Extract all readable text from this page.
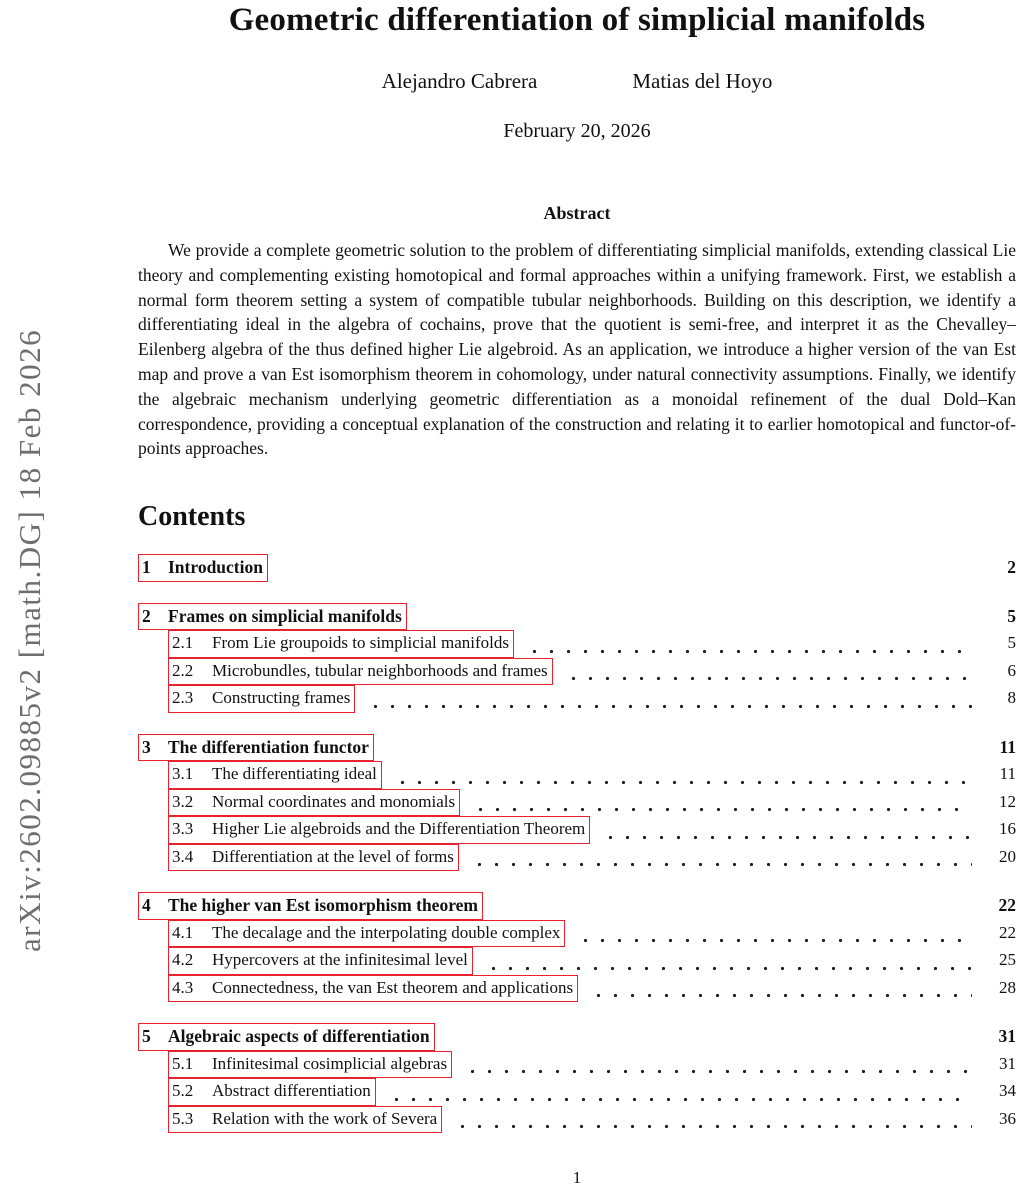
arXiv:2602.09885v2 [math.DG] 18 Feb 2026
Geometric differentiation of simplicial manifolds
Alejandro Cabrera	Matias del Hoyo
February 20, 2026
Abstract
We provide a complete geometric solution to the problem of differentiating simplicial manifolds, extending classical Lie theory and complementing existing homotopical and formal approaches within a unifying framework. First, we establish a normal form theorem setting a system of compatible tubular neighborhoods. Building on this description, we identify a differentiating ideal in the algebra of cochains, prove that the quotient is semi-free, and interpret it as the Chevalley–Eilenberg algebra of the thus defined higher Lie algebroid. As an application, we introduce a higher version of the van Est map and prove a van Est isomorphism theorem in cohomology, under natural connectivity assumptions. Finally, we identify the algebraic mechanism underlying geometric differentiation as a monoidal refinement of the dual Dold–Kan correspondence, providing a conceptual explanation of the construction and relating it to earlier homotopical and functor-of-points approaches.
Contents
1 Introduction	2
2 Frames on simplicial manifolds	5
2.1	From Lie groupoids to simplicial manifolds	5
2.2	Microbundles, tubular neighborhoods and frames	6
2.3	Constructing frames	8
3 The differentiation functor	11
3.1	The differentiating ideal	11
3.2	Normal coordinates and monomials	12
3.3	Higher Lie algebroids and the Differentiation Theorem	16
3.4	Differentiation at the level of forms	20
4 The higher van Est isomorphism theorem	22
4.1	The decalage and the interpolating double complex	22
4.2	Hypercovers at the infinitesimal level	25
4.3	Connectedness, the van Est theorem and applications	28
5 Algebraic aspects of differentiation	31
5.1	Infinitesimal cosimplicial algebras	31
5.2	Abstract differentiation	34
5.3	Relation with the work of Severa	36
1
